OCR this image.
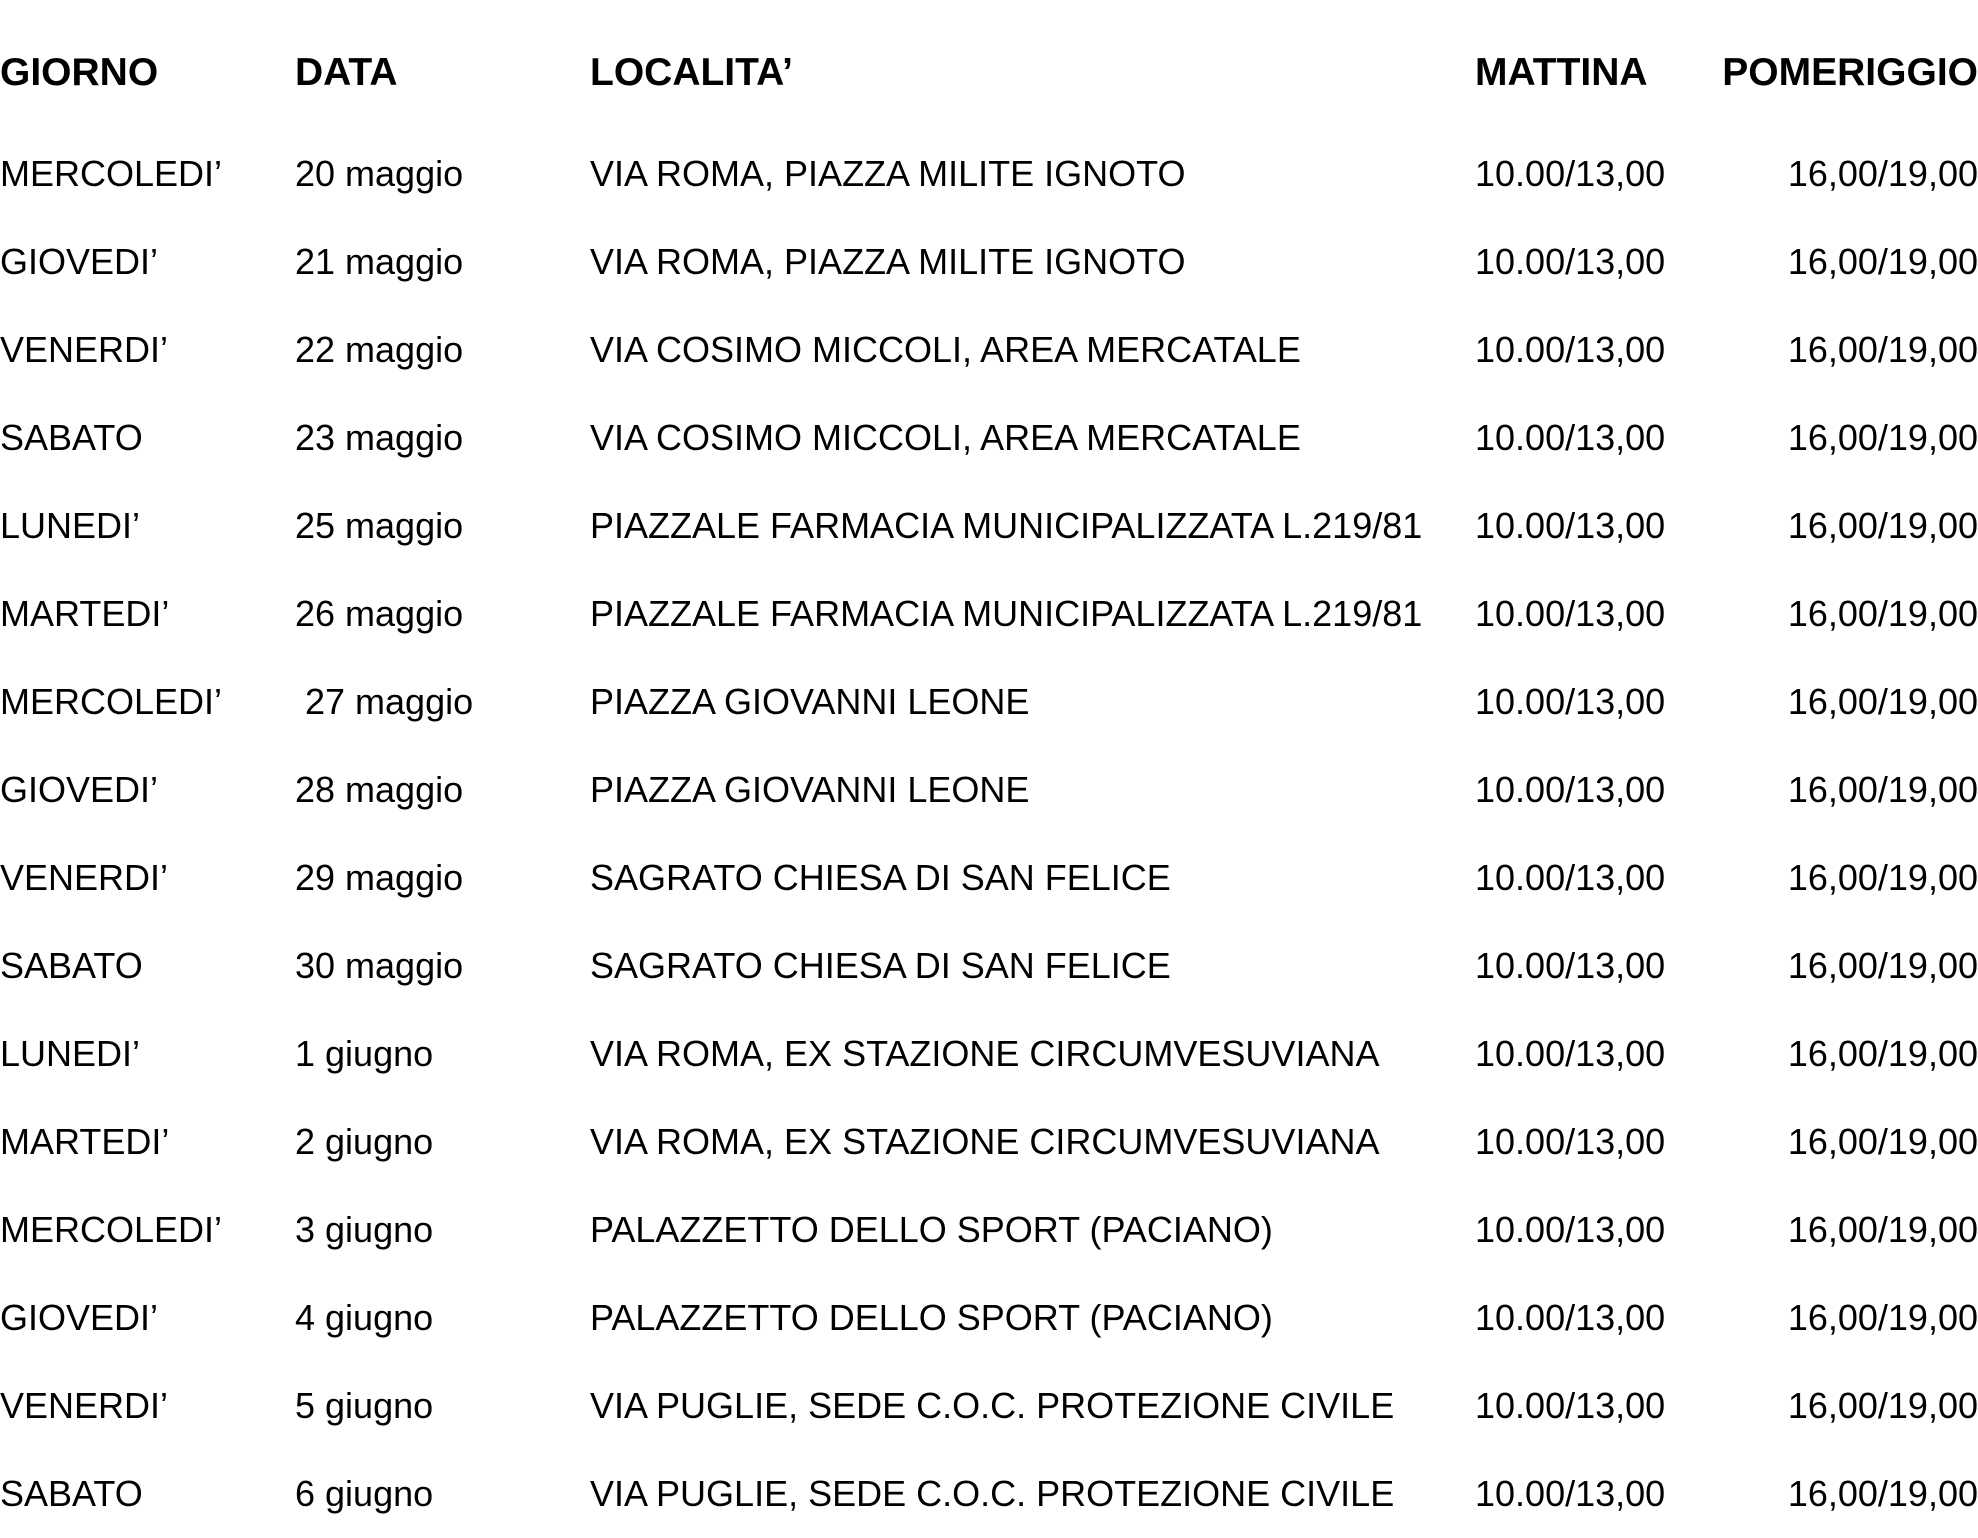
GIORNO	DATA	LOCALITA’	MATTINA POMERIGGIO
MERCOLEDI’ 20 maggio	VIA ROMA, PIAZZA MILITE IGNOTO	10.00/13,00	16,00/19,00
GIOVEDI’	21 maggio	VIA ROMA, PIAZZA MILITE IGNOTO	10.00/13,00	16,00/19,00
VENERDI’	22 maggio	VIA COSIMO MICCOLI, AREA MERCATALE	10.00/13,00	16,00/19,00
SABATO	23 maggio	VIA COSIMO MICCOLI, AREA MERCATALE	10.00/13,00	16,00/19,00
LUNEDI’	25 maggio	PIAZZALE FARMACIA MUNICIPALIZZATA L.219/81 10.00/13,00	16,00/19,00
MARTEDI’	26 maggio	PIAZZALE FARMACIA MUNICIPALIZZATA L.219/81 10.00/13,00	16,00/19,00
MERCOLEDI’ 27 maggio	PIAZZA GIOVANNI LEONE	10.00/13,00	16,00/19,00
GIOVEDI’	28 maggio	PIAZZA GIOVANNI LEONE	10.00/13,00	16,00/19,00
VENERDI’	29 maggio	SAGRATO CHIESA DI SAN FELICE	10.00/13,00	16,00/19,00
SABATO	30 maggio	SAGRATO CHIESA DI SAN FELICE	10.00/13,00	16,00/19,00
LUNEDI’	1 giugno	VIA ROMA, EX STAZIONE CIRCUMVESUVIANA	10.00/13,00	16,00/19,00
MARTEDI’	2 giugno	VIA ROMA, EX STAZIONE CIRCUMVESUVIANA	10.00/13,00	16,00/19,00
MERCOLEDI’ 3 giugno	PALAZZETTO DELLO SPORT (PACIANO)	10.00/13,00	16,00/19,00
GIOVEDI’	4 giugno	PALAZZETTO DELLO SPORT (PACIANO)	10.00/13,00	16,00/19,00
VENERDI’	5 giugno	VIA PUGLIE, SEDE C.O.C. PROTEZIONE CIVILE 10.00/13,00	16,00/19,00
SABATO	6 giugno	VIA PUGLIE, SEDE C.O.C. PROTEZIONE CIVILE 10.00/13,00	16,00/19,00
